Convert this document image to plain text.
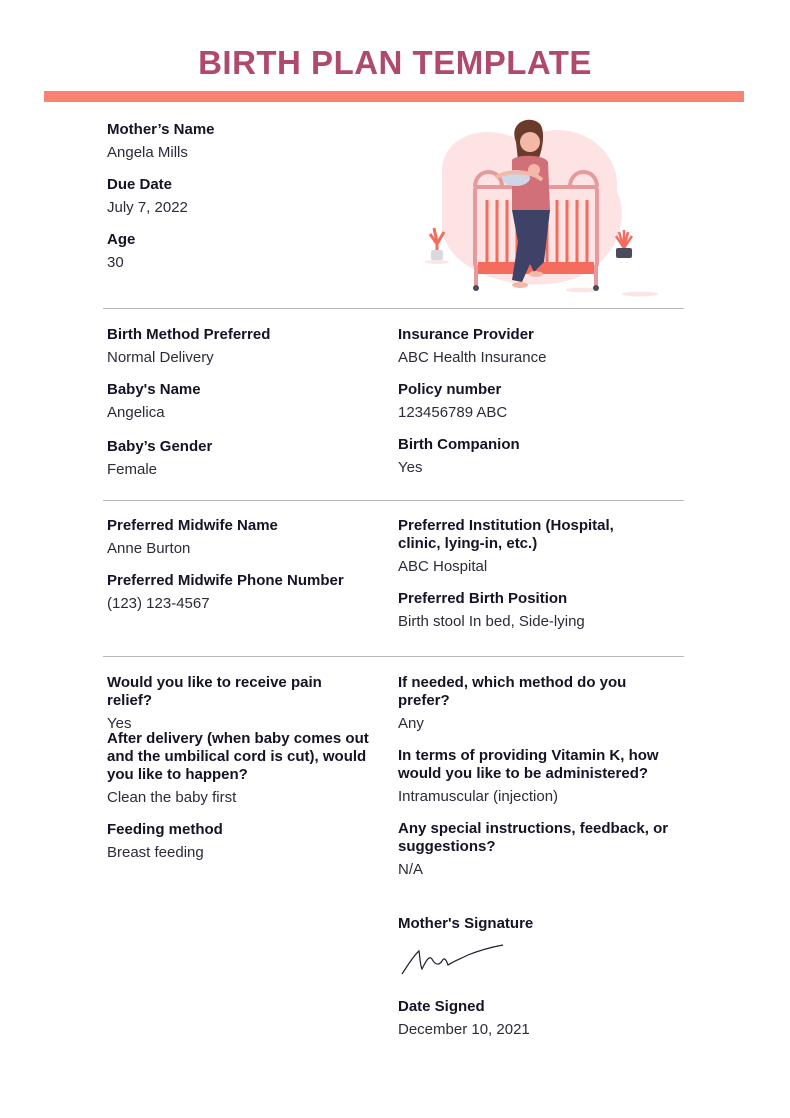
BIRTH PLAN TEMPLATE
Mother’s Name
Angela Mills
Due Date
July 7, 2022
Age
30
Birth Method Preferred
Normal Delivery
Baby's Name
Angelica
Baby’s Gender
Female
Insurance Provider
ABC Health Insurance
Policy number
123456789 ABC
Birth Companion
Yes
Preferred Midwife Name
Anne Burton
Preferred Midwife Phone Number
(123) 123-4567
Preferred Institution (Hospital, clinic, lying-in, etc.)
ABC Hospital
Preferred Birth Position
Birth stool In bed, Side-lying
Would you like to receive pain relief?
Yes
After delivery (when baby comes out and the umbilical cord is cut), would you like to happen?
Clean the baby first
Feeding method
Breast feeding
If needed, which method do you prefer?
Any
In terms of providing Vitamin K, how would you like to be administered?
Intramuscular (injection)
Any special instructions, feedback, or suggestions?
N/A
Mother's Signature
Date Signed
December 10, 2021
